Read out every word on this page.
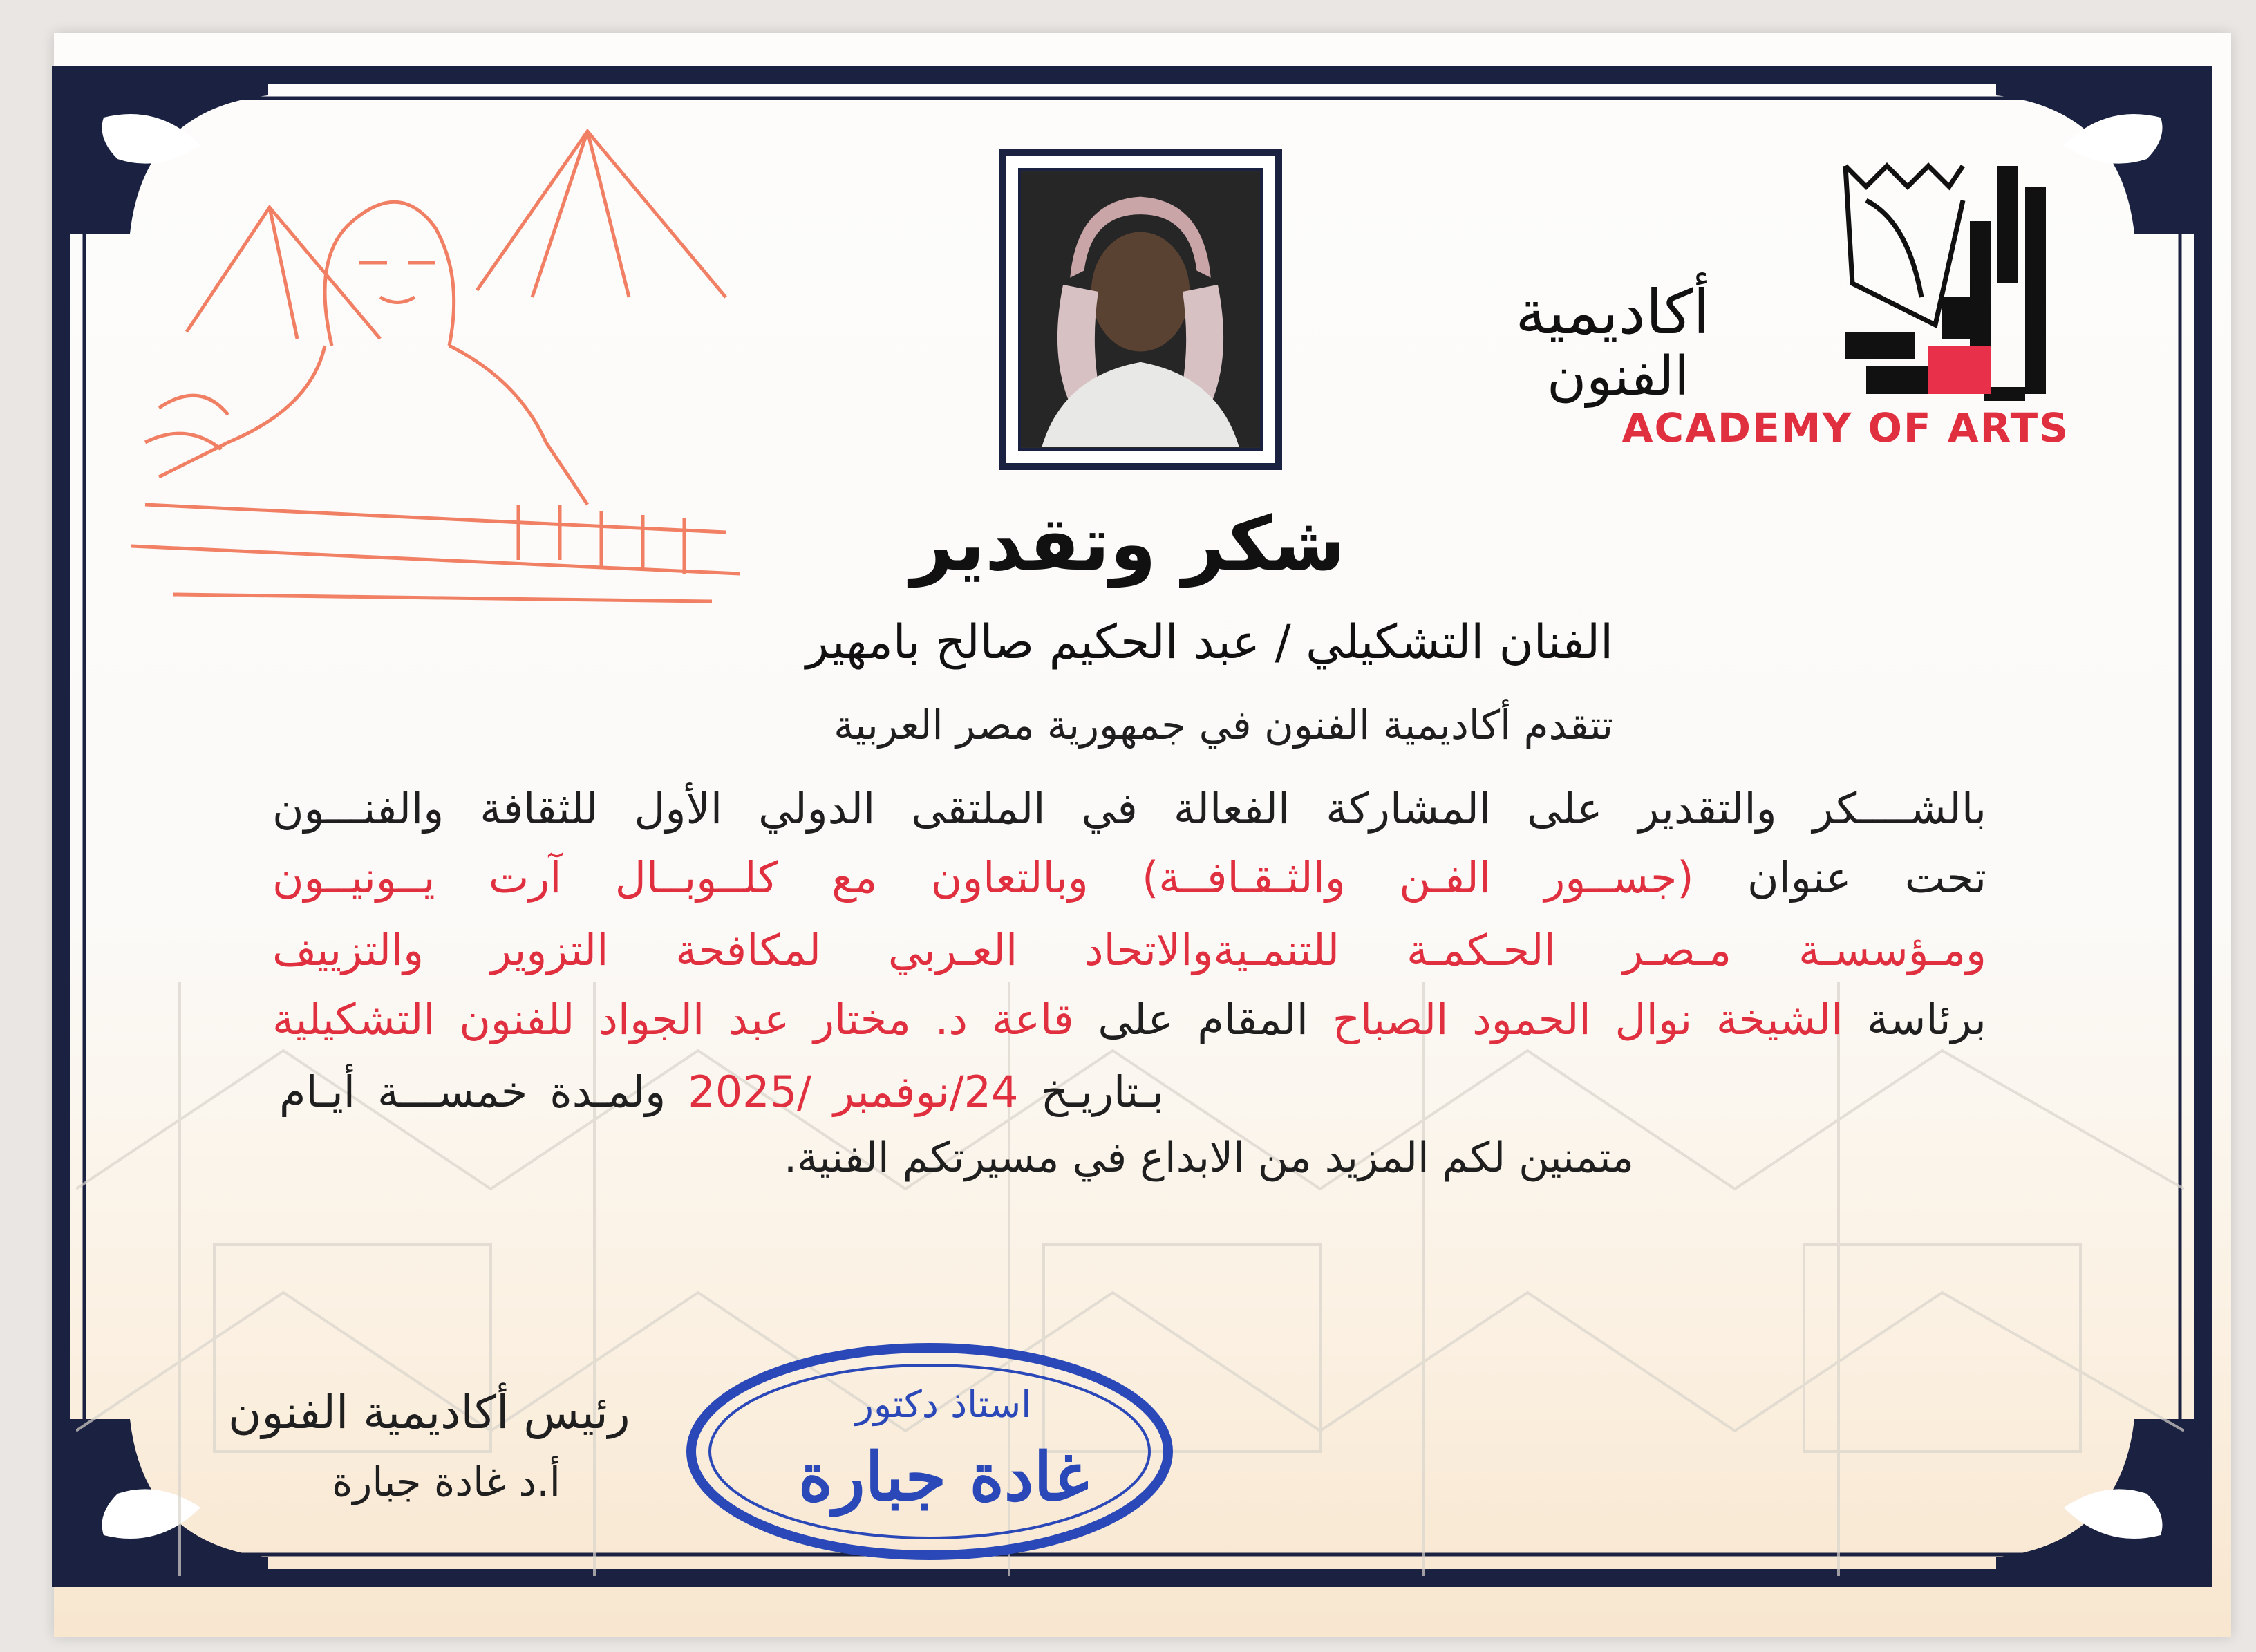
أكاديمية
الفنون
ACADEMY OF ARTS
شكر وتقدير
الفنان التشكيلي / عبد الحكيم صالح بامهير
تتقدم أكاديمية الفنون في جمهورية مصر العربية
بالشــــكر والتقدير على المشاركة الفعالة في الملتقى الدولي الأول للثقافة والفنـــون
تحت عنوان (جســور الفـن والثـقـافــة) وبالتعاون مع كلــوبــال آرت يــونيــون
ومـؤسسـة مـصـر الحـكمـة للتنمـيةوالاتحاد العـربي لمكافحة التزوير والتزييف
برئاسة الشيخة نوال الحمود الصباح المقام على قاعة د. مختار عبد الجواد للفنون التشكيلية
بـتاريـخ 24/نوفمبر /2025 ولمـدة خمســـة أيـام
متمنين لكم المزيد من الابداع في مسيرتكم الفنية.
رئيس أكاديمية الفنون
أ.د غادة جبارة
استاذ دكتور
غادة جبارة
